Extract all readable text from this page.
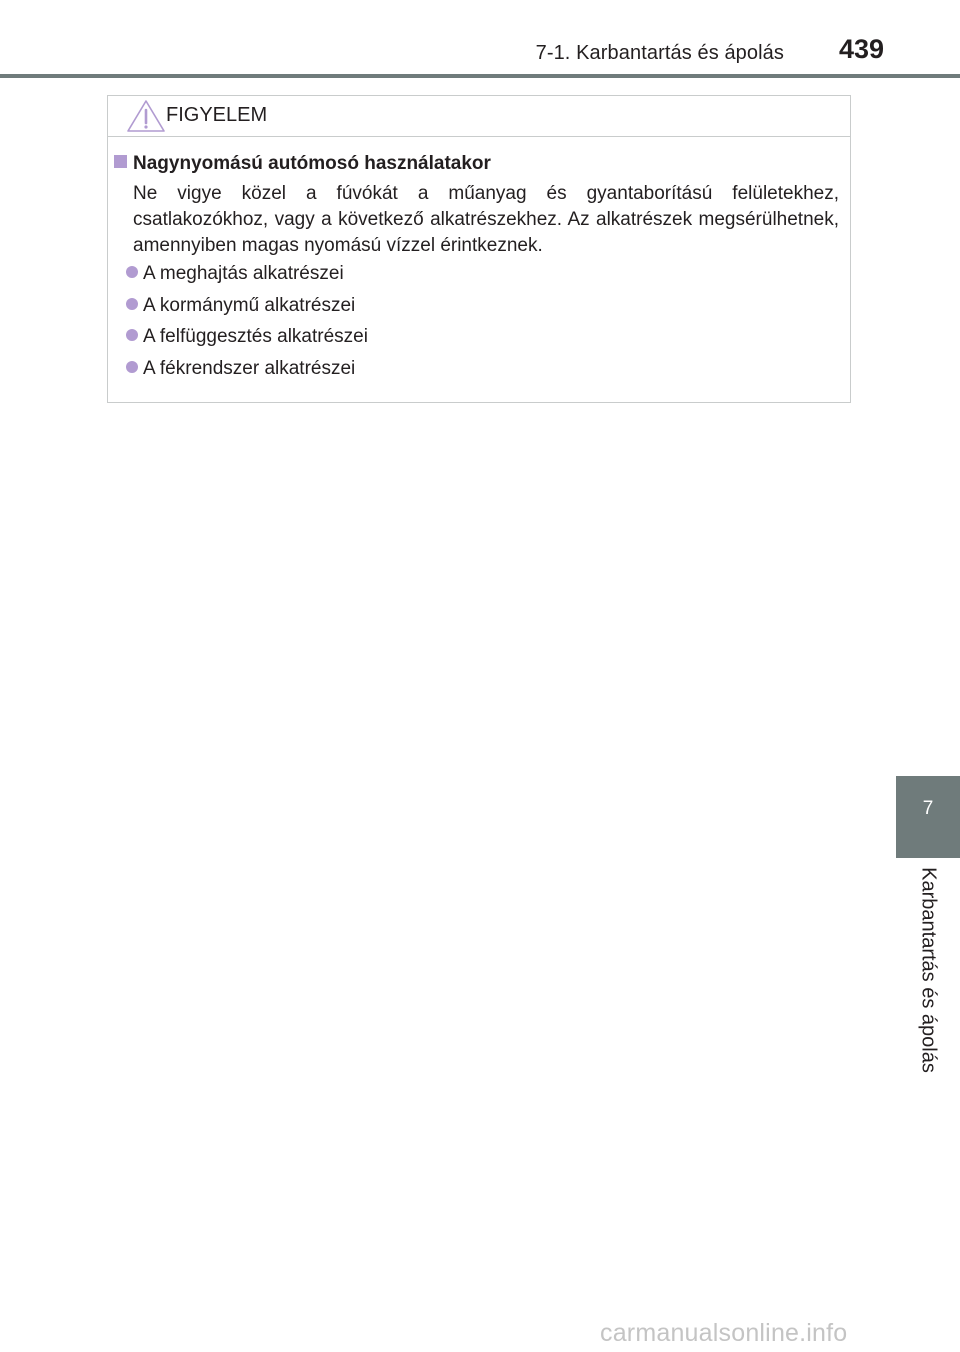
7-1. Karbantartás és ápolás 439
FIGYELEM
Nagynyomású autómosó használatakor
Ne vigye közel a fúvókát a műanyag és gyantaborítású felületekhez, csatlakozókhoz, vagy a következő alkatrészekhez. Az alkatrészek megsérülhetnek, amennyiben magas nyomású vízzel érintkeznek.
A meghajtás alkatrészei
A kormánymű alkatrészei
A felfüggesztés alkatrészei
A fékrendszer alkatrészei
7
Karbantartás és ápolás
carmanualsonline.info
